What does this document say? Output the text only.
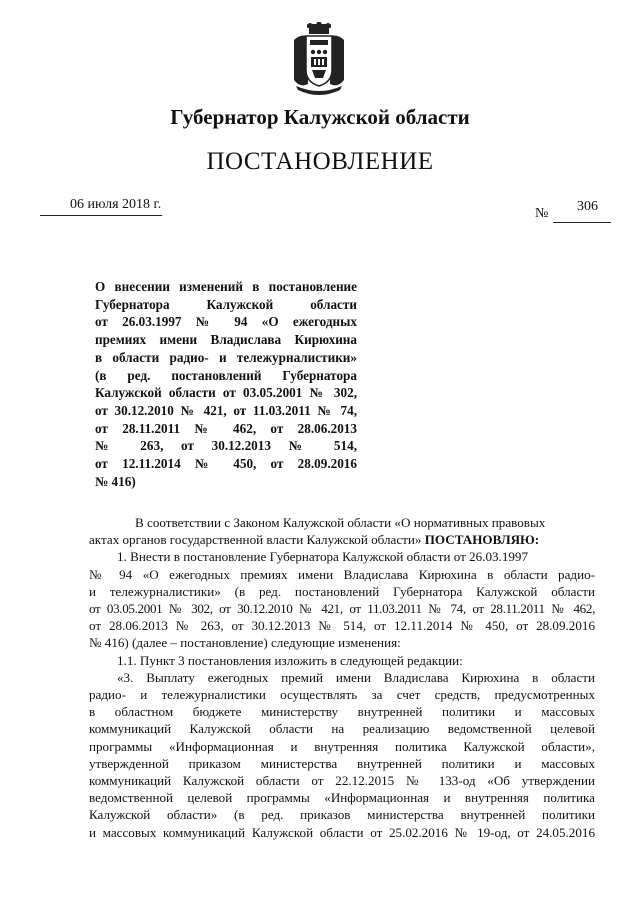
Губернатор Калужской области
ПОСТАНОВЛЕНИЕ
06 июля 2018 г.
№ 306
О внесении изменений в постановление
Губернатора Калужской области
от 26.03.1997 № 94 «О ежегодных
премиях имени Владислава Кирюхина
в области радио- и тележурналистики»
(в ред. постановлений Губернатора
Калужской области от 03.05.2001 № 302,
от 30.12.2010 № 421, от 11.03.2011 № 74,
от 28.11.2011 № 462, от 28.06.2013
№ 263, от 30.12.2013 № 514,
от 12.11.2014 № 450, от 28.09.2016
№ 416)
В соответствии с Законом Калужской области «О нормативных правовых
актах органов государственной власти Калужской области» ПОСТАНОВЛЯЮ:
1. Внести в постановление Губернатора Калужской области от 26.03.1997
№ 94 «О ежегодных премиях имени Владислава Кирюхина в области радио-
и тележурналистики» (в ред. постановлений Губернатора Калужской области
от 03.05.2001 № 302, от 30.12.2010 № 421, от 11.03.2011 № 74, от 28.11.2011 № 462,
от 28.06.2013 № 263, от 30.12.2013 № 514, от 12.11.2014 № 450, от 28.09.2016
№ 416) (далее – постановление) следующие изменения:
1.1. Пункт 3 постановления изложить в следующей редакции:
«3. Выплату ежегодных премий имени Владислава Кирюхина в области
радио- и тележурналистики осуществлять за счет средств, предусмотренных
в областном бюджете министерству внутренней политики и массовых
коммуникаций Калужской области на реализацию ведомственной целевой
программы «Информационная и внутренняя политика Калужской области»,
утвержденной приказом министерства внутренней политики и массовых
коммуникаций Калужской области от 22.12.2015 № 133-од «Об утверждении
ведомственной целевой программы «Информационная и внутренняя политика
Калужской области» (в ред. приказов министерства внутренней политики
и массовых коммуникаций Калужской области от 25.02.2016 № 19-од, от 24.05.2016
